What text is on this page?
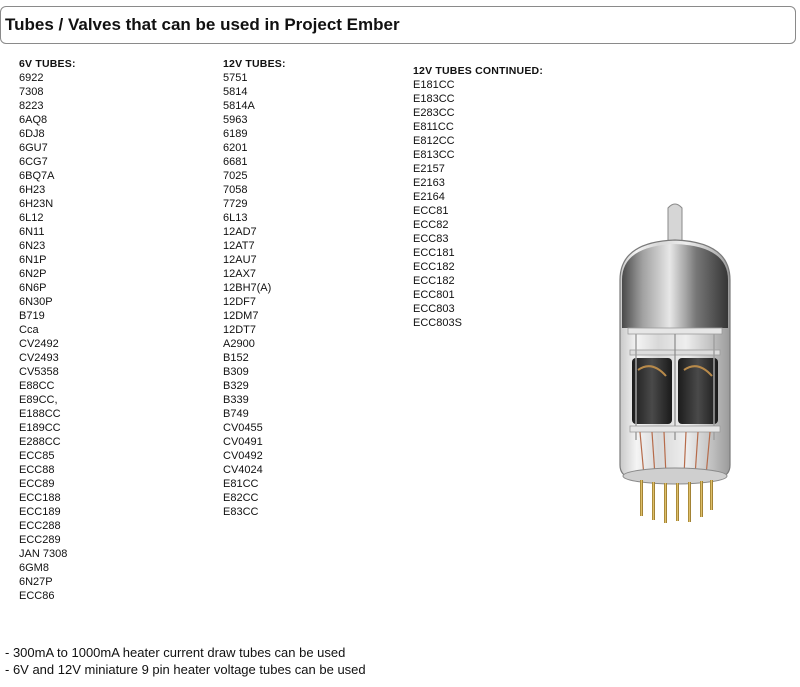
Tubes / Valves that can be used in Project Ember
6V TUBES:
6922
7308
8223
6AQ8
6DJ8
6GU7
6CG7
6BQ7A
6H23
6H23N
6L12
6N11
6N23
6N1P
6N2P
6N6P
6N30P
B719
Cca
CV2492
CV2493
CV5358
E88CC
E89CC,
E188CC
E189CC
E288CC
ECC85
ECC88
ECC89
ECC188
ECC189
ECC288
ECC289
JAN 7308
6GM8
6N27P
ECC86
12V TUBES:
5751
5814
5814A
5963
6189
6201
6681
7025
7058
7729
6L13
12AD7
12AT7
12AU7
12AX7
12BH7(A)
12DF7
12DM7
12DT7
A2900
B152
B309
B329
B339
B749
CV0455
CV0491
CV0492
CV4024
E81CC
E82CC
E83CC
12V TUBES CONTINUED:
E181CC
E183CC
E283CC
E811CC
E812CC
E813CC
E2157
E2163
E2164
ECC81
ECC82
ECC83
ECC181
ECC182
ECC182
ECC801
ECC803
ECC803S
- 300mA to 1000mA heater current draw tubes can be used
- 6V and 12V miniature 9 pin heater voltage tubes can be used
